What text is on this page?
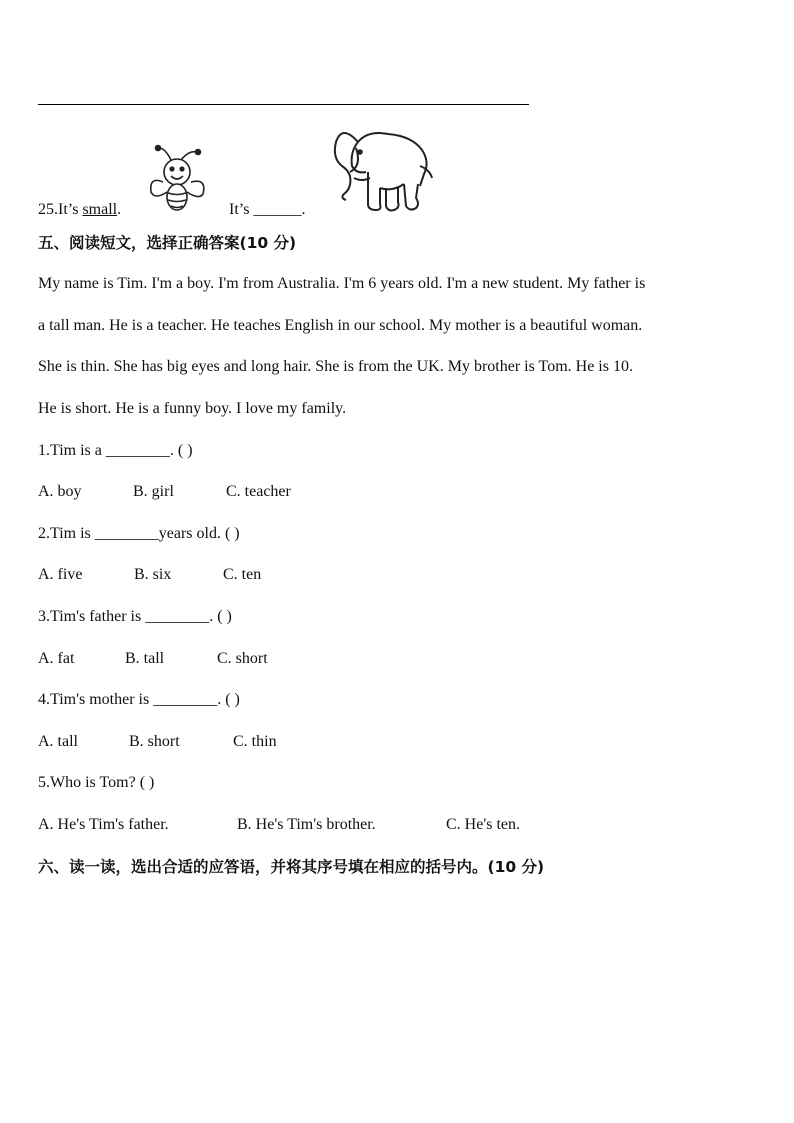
25.It’s small.	It’s ______.
五、阅读短文，选择正确答案(10 分)
My name is Tim. I'm a boy. I'm from Australia. I'm 6 years old. I'm a new student. My father is
a tall man. He is a teacher. He teaches English in our school. My mother is a beautiful woman.
She is thin. She has big eyes and long hair. She is from the UK. My brother is Tom. He is 10.
He is short. He is a funny boy. I love my family.
1.Tim is a ________. ( )
A. boy	B. girl	C. teacher
2.Tim is ________years old. ( )
A. five	B. six	C. ten
3.Tim's father is ________. ( )
A. fat	B. tall	C. short
4.Tim's mother is ________. ( )
A. tall	B. short	C. thin
5.Who is Tom? ( )
A. He's Tim's father.	B. He's Tim's brother.	C. He's ten.
六、读一读，选出合适的应答语，并将其序号填在相应的括号内。(10 分)
